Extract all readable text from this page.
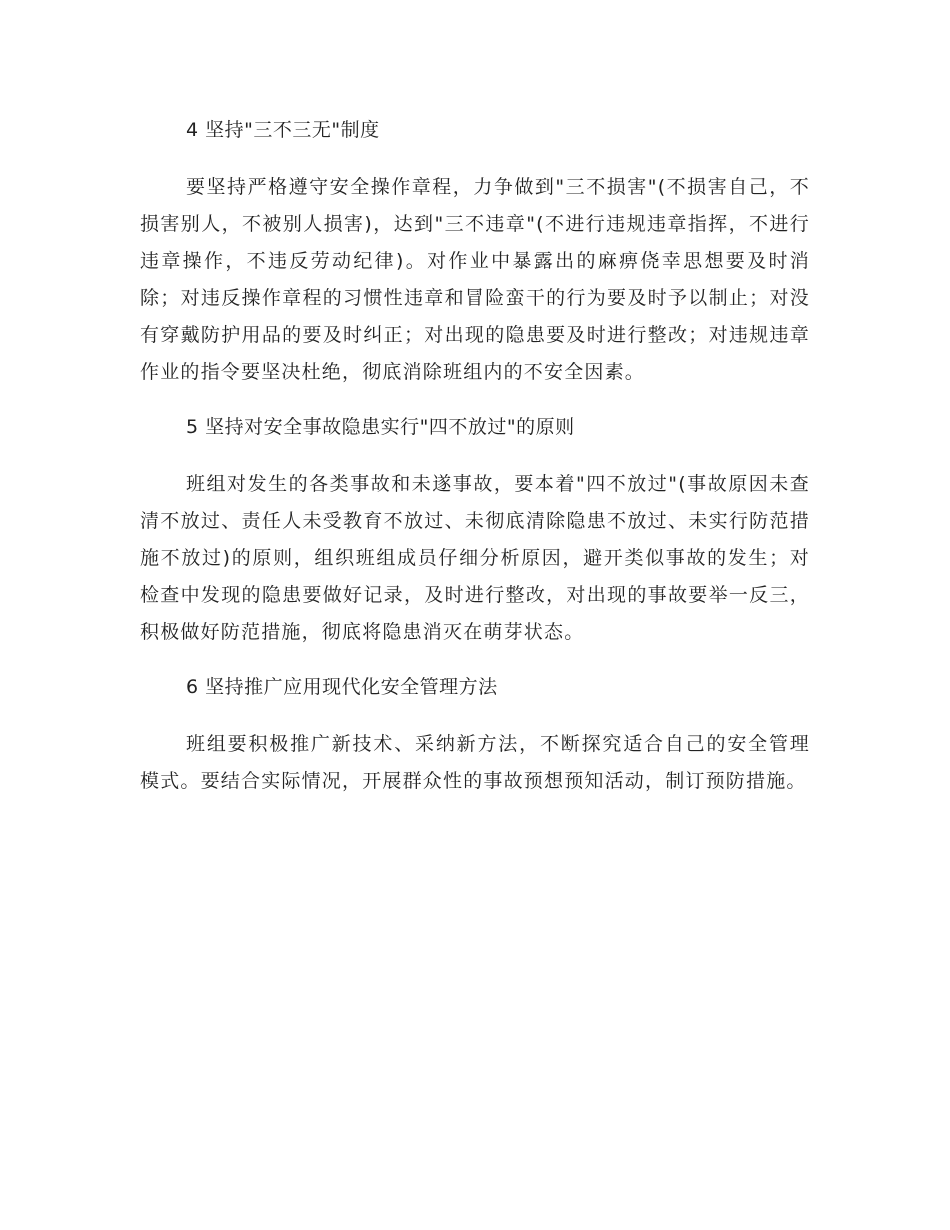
4 坚持"三不三无"制度

要坚持严格遵守安全操作章程，力争做到"三不损害"(不损害自己，不损害别人，不被别人损害)，达到"三不违章"(不进行违规违章指挥，不进行违章操作，不违反劳动纪律)。对作业中暴露出的麻痹侥幸思想要及时消除；对违反操作章程的习惯性违章和冒险蛮干的行为要及时予以制止；对没有穿戴防护用品的要及时纠正；对出现的隐患要及时进行整改；对违规违章作业的指令要坚决杜绝，彻底消除班组内的不安全因素。

5 坚持对安全事故隐患实行"四不放过"的原则

班组对发生的各类事故和未遂事故，要本着"四不放过"(事故原因未查清不放过、责任人未受教育不放过、未彻底清除隐患不放过、未实行防范措施不放过)的原则，组织班组成员仔细分析原因，避开类似事故的发生；对检查中发现的隐患要做好记录，及时进行整改，对出现的事故要举一反三，积极做好防范措施，彻底将隐患消灭在萌芽状态。

6 坚持推广应用现代化安全管理方法

班组要积极推广新技术、采纳新方法，不断探究适合自己的安全管理模式。要结合实际情况，开展群众性的事故预想预知活动，制订预防措施。
